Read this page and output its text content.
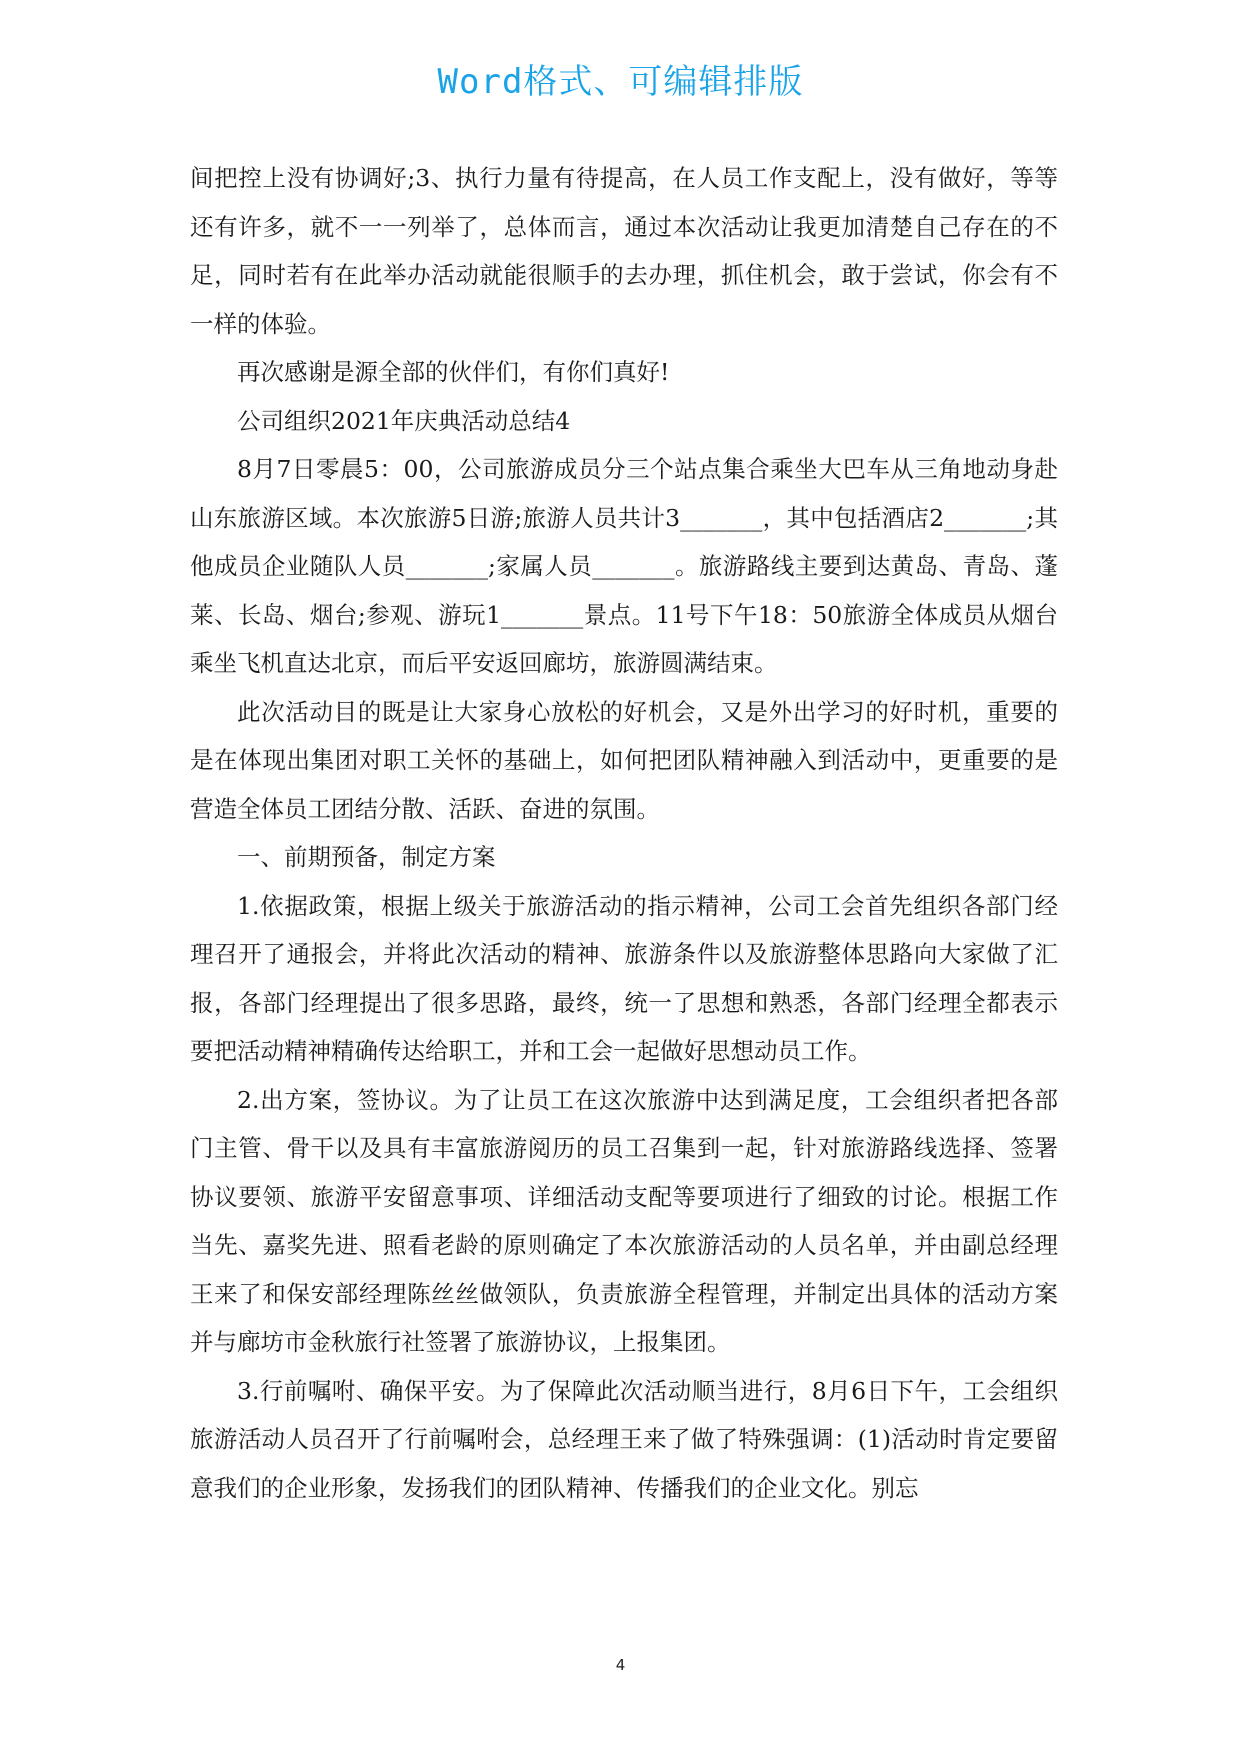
Word格式、可编辑排版

间把控上没有协调好;3、执行力量有待提高，在人员工作支配上，没有做好，等等还有许多，就不一一列举了，总体而言，通过本次活动让我更加清楚自己存在的不足，同时若有在此举办活动就能很顺手的去办理，抓住机会，敢于尝试，你会有不一样的体验。

再次感谢是源全部的伙伴们，有你们真好!

公司组织2021年庆典活动总结4

8月7日零晨5：00，公司旅游成员分三个站点集合乘坐大巴车从三角地动身赴山东旅游区域。本次旅游5日游;旅游人员共计3_______，其中包括酒店2_______;其他成员企业随队人员_______;家属人员_______。旅游路线主要到达黄岛、青岛、蓬莱、长岛、烟台;参观、游玩1_______景点。11号下午18：50旅游全体成员从烟台乘坐飞机直达北京，而后平安返回廊坊，旅游圆满结束。

此次活动目的既是让大家身心放松的好机会，又是外出学习的好时机，重要的是在体现出集团对职工关怀的基础上，如何把团队精神融入到活动中，更重要的是营造全体员工团结分散、活跃、奋进的氛围。

一、前期预备，制定方案

1.依据政策，根据上级关于旅游活动的指示精神，公司工会首先组织各部门经理召开了通报会，并将此次活动的精神、旅游条件以及旅游整体思路向大家做了汇报，各部门经理提出了很多思路，最终，统一了思想和熟悉，各部门经理全都表示要把活动精神精确传达给职工，并和工会一起做好思想动员工作。

2.出方案，签协议。为了让员工在这次旅游中达到满足度，工会组织者把各部门主管、骨干以及具有丰富旅游阅历的员工召集到一起，针对旅游路线选择、签署协议要领、旅游平安留意事项、详细活动支配等要项进行了细致的讨论。根据工作当先、嘉奖先进、照看老龄的原则确定了本次旅游活动的人员名单，并由副总经理王来了和保安部经理陈丝丝做领队，负责旅游全程管理，并制定出具体的活动方案并与廊坊市金秋旅行社签署了旅游协议，上报集团。

3.行前嘱咐、确保平安。为了保障此次活动顺当进行，8月6日下午，工会组织旅游活动人员召开了行前嘱咐会，总经理王来了做了特殊强调：(1)活动时肯定要留意我们的企业形象，发扬我们的团队精神、传播我们的企业文化。别忘

4
